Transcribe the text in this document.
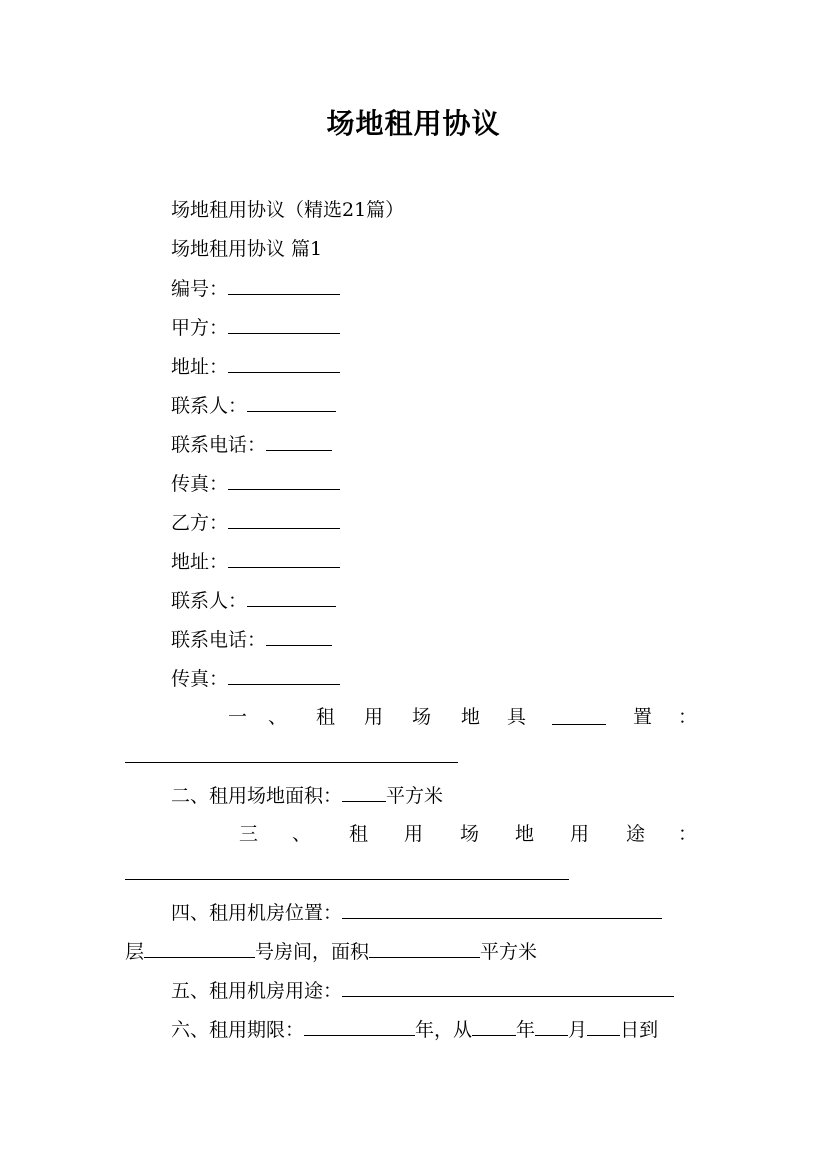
场地租用协议
场地租用协议（精选21篇）
场地租用协议 篇1
编号：
甲方：
地址：
联系人：
联系电话：
传真：
乙方：
地址：
联系人：
联系电话：
传真：
一 、 租 用 场 地 具	置 ：
二、租用场地面积： 平方米
三 、 租 用 场 地 用 途 ：
四、租用机房位置：
层	号房间，面积	平方米
五、租用机房用途：
六、租用期限：	年，从 年 月 日到
